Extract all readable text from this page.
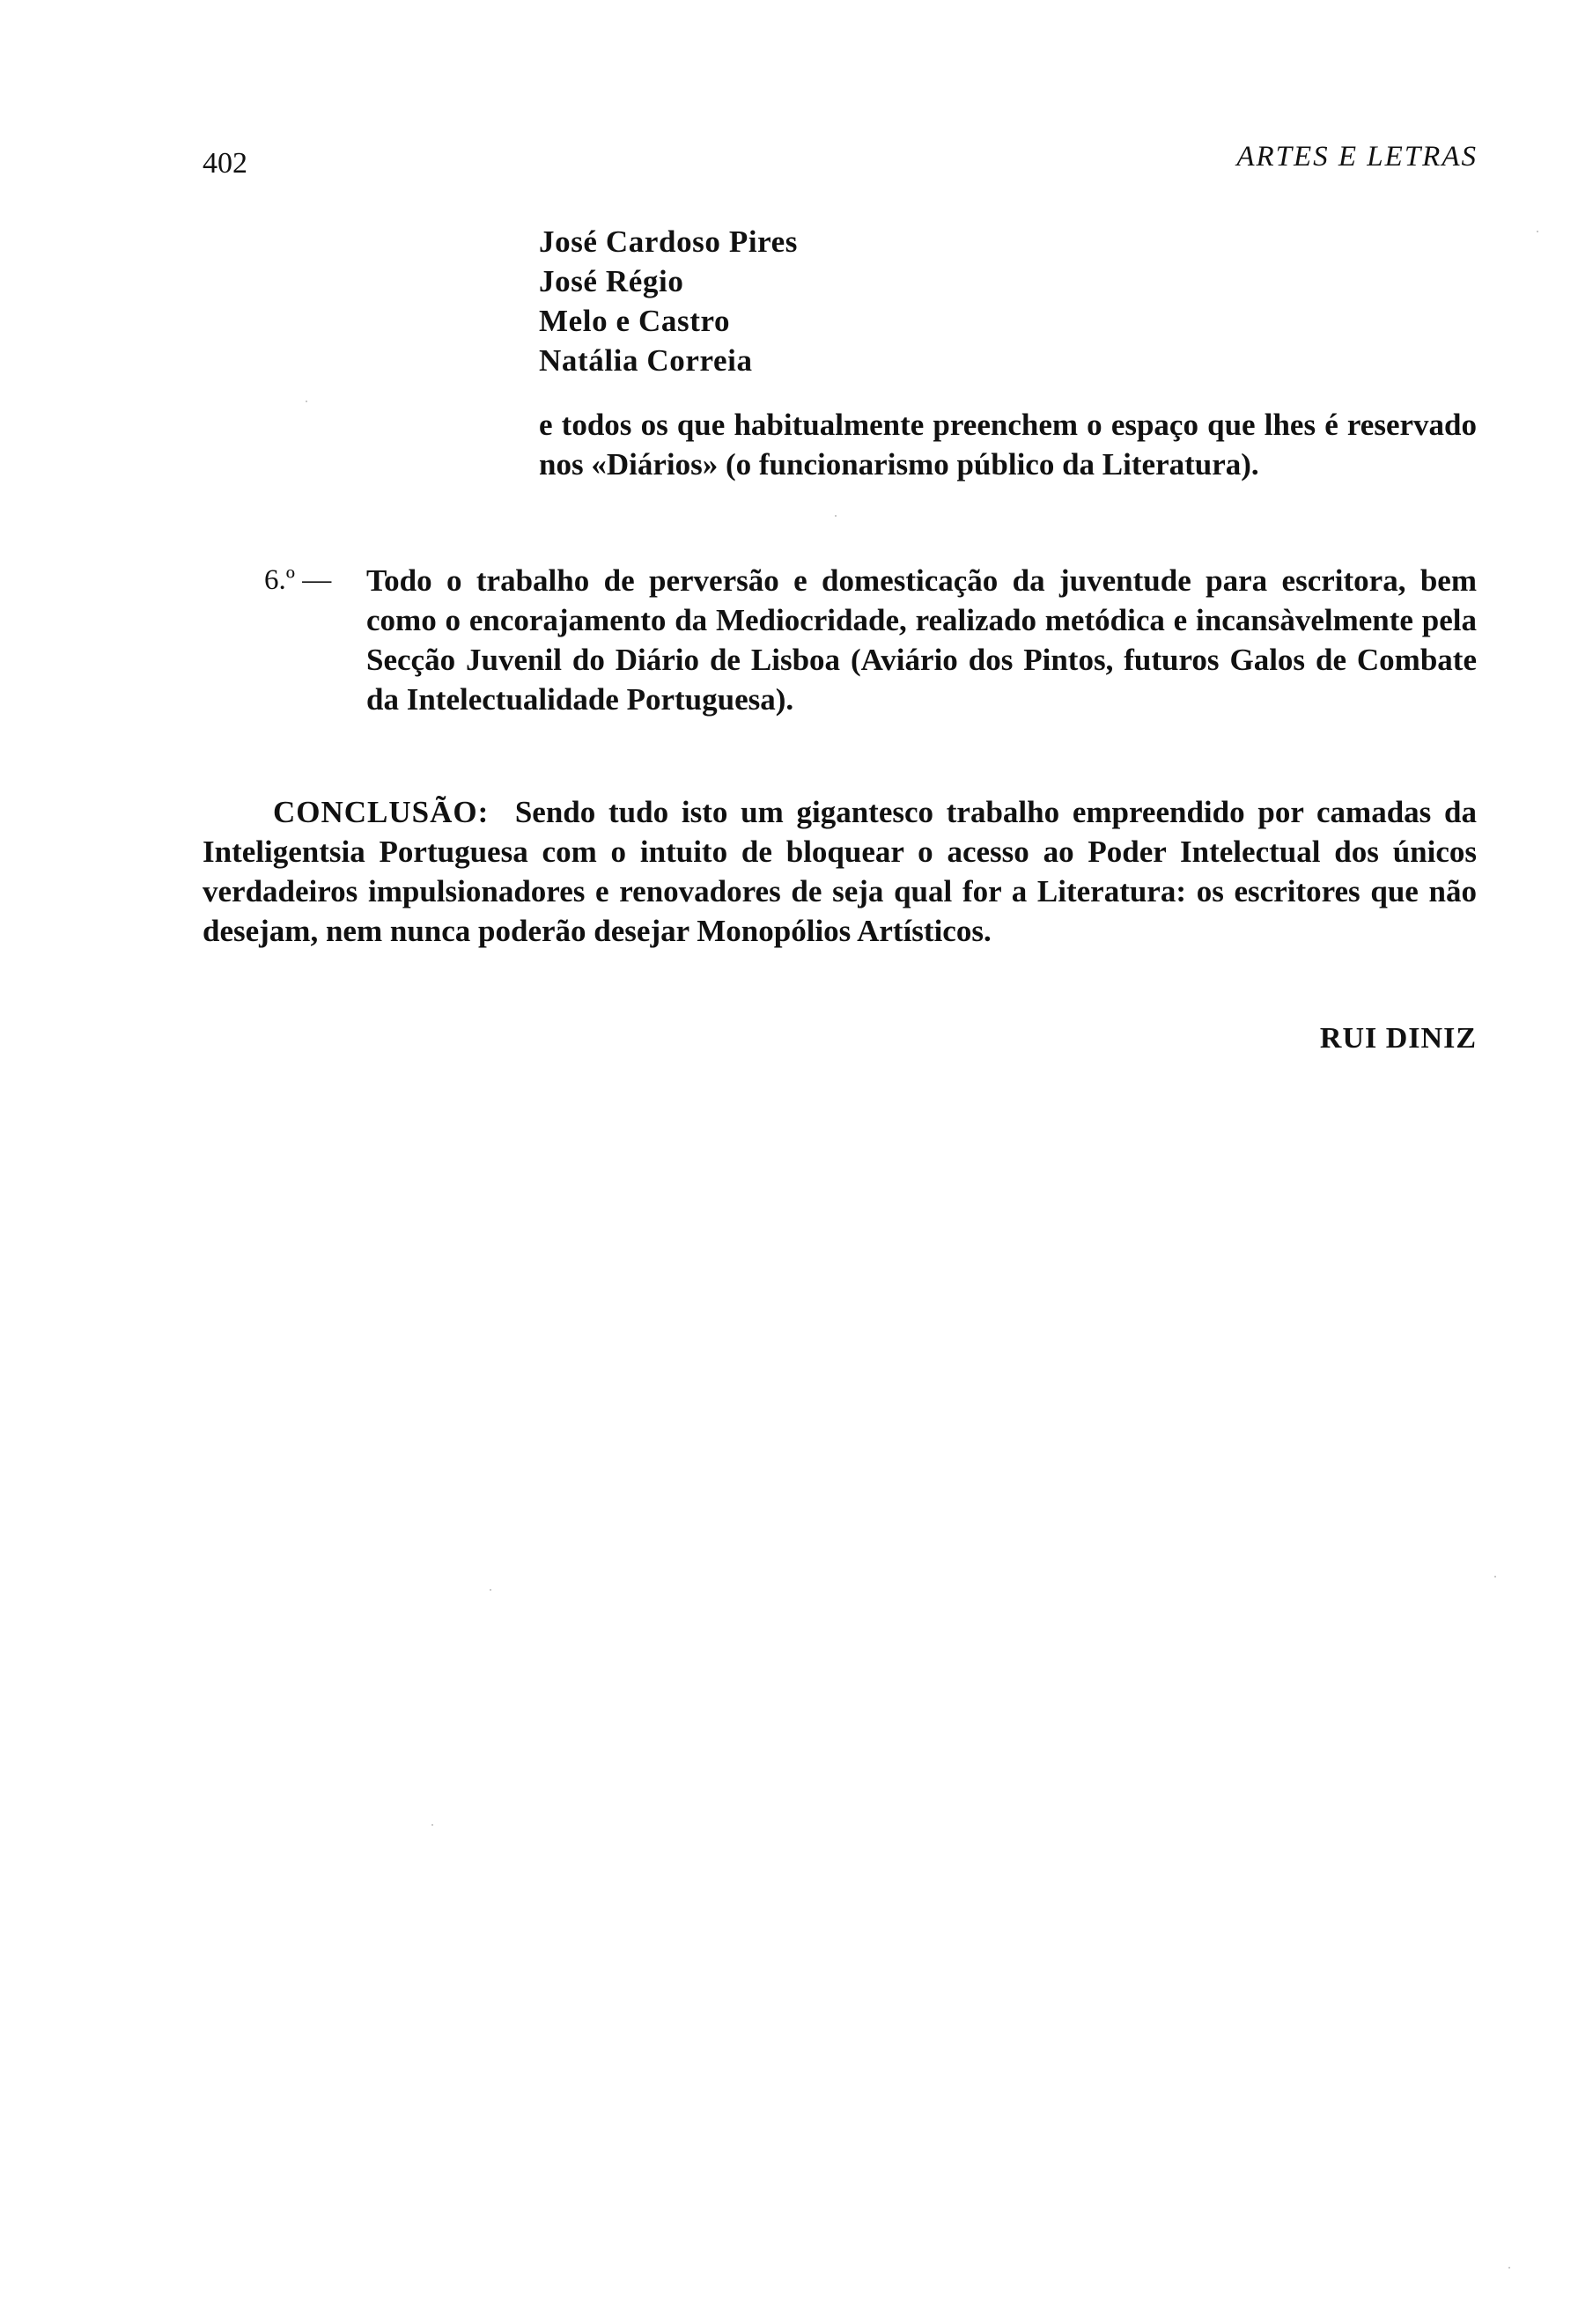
402	ARTES E LETRAS
José Cardoso Pires
José Régio
Melo e Castro
Natália Correia

e todos os que habitualmente preenchem o espaço que lhes é reservado nos «Diários» (o funcionarismo público da Literatura).

6.º — Todo o trabalho de perversão e domesticação da juventude para escritora, bem como o encorajamento da Mediocridade, realizado metódica e incansàvelmente pela Secção Juvenil do Diário de Lisboa (Aviário dos Pintos, futuros Galos de Combate da Intelectualidade Portuguesa).

CONCLUSÃO: Sendo tudo isto um gigantesco trabalho empreendido por camadas da Inteligentsia Portuguesa com o intuito de bloquear o acesso ao Poder Intelectual dos únicos verdadeiros impulsionadores e renovadores de seja qual for a Literatura: os escritores que não desejam, nem nunca poderão desejar Monopólios Artísticos.

RUI DINIZ
